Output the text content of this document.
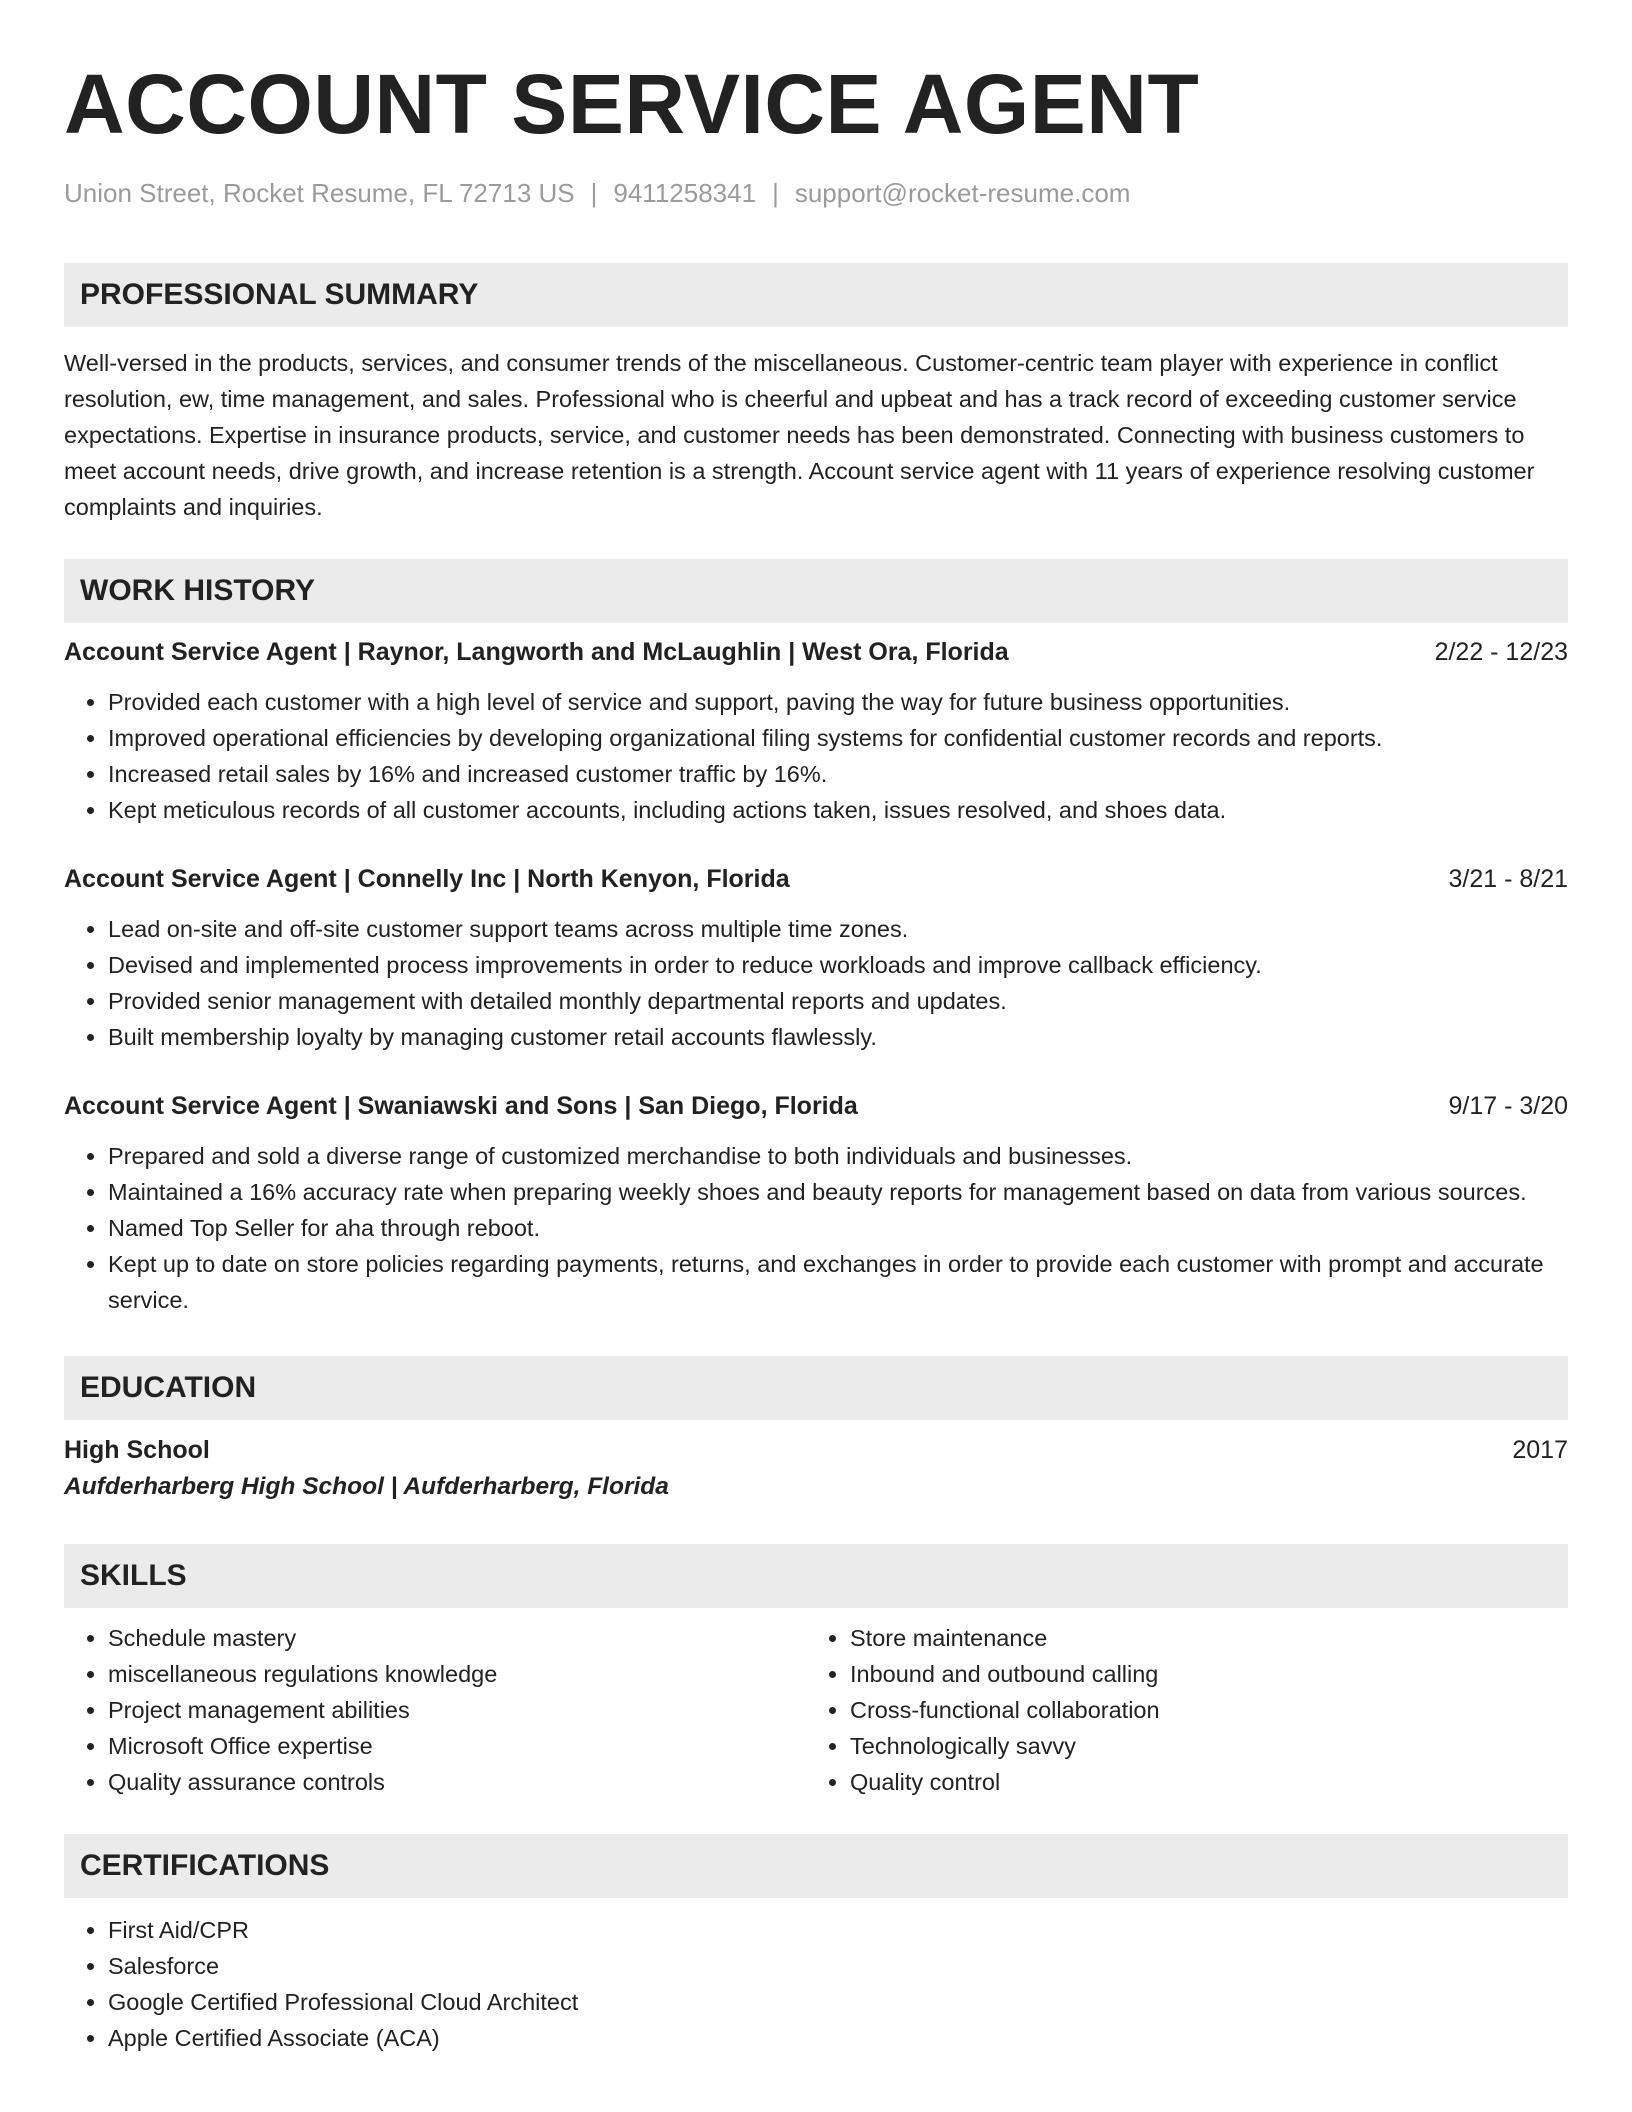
ACCOUNT SERVICE AGENT
Union Street, Rocket Resume, FL 72713 US | 9411258341 | support@rocket-resume.com
PROFESSIONAL SUMMARY

Well-versed in the products, services, and consumer trends of the miscellaneous. Customer-centric team player with experience in conflict resolution, ew, time management, and sales. Professional who is cheerful and upbeat and has a track record of exceeding customer service expectations. Expertise in insurance products, service, and customer needs has been demonstrated. Connecting with business customers to meet account needs, drive growth, and increase retention is a strength. Account service agent with 11 years of experience resolving customer complaints and inquiries.

WORK HISTORY
Account Service Agent | Raynor, Langworth and McLaughlin | West Ora, Florida	2/22 - 12/23
• Provided each customer with a high level of service and support, paving the way for future business opportunities.
• Improved operational efficiencies by developing organizational filing systems for confidential customer records and reports.
• Increased retail sales by 16% and increased customer traffic by 16%.
• Kept meticulous records of all customer accounts, including actions taken, issues resolved, and shoes data.
Account Service Agent | Connelly Inc | North Kenyon, Florida	3/21 - 8/21
• Lead on-site and off-site customer support teams across multiple time zones.
• Devised and implemented process improvements in order to reduce workloads and improve callback efficiency.
• Provided senior management with detailed monthly departmental reports and updates.
• Built membership loyalty by managing customer retail accounts flawlessly.
Account Service Agent | Swaniawski and Sons | San Diego, Florida	9/17 - 3/20
• Prepared and sold a diverse range of customized merchandise to both individuals and businesses.
• Maintained a 16% accuracy rate when preparing weekly shoes and beauty reports for management based on data from various sources.
• Named Top Seller for aha through reboot.
• Kept up to date on store policies regarding payments, returns, and exchanges in order to provide each customer with prompt and accurate service.
EDUCATION
High School	2017
Aufderharberg High School | Aufderharberg, Florida
SKILLS
• Schedule mastery
• miscellaneous regulations knowledge
• Project management abilities
• Microsoft Office expertise
• Quality assurance controls
• Store maintenance
• Inbound and outbound calling
• Cross-functional collaboration
• Technologically savvy
• Quality control
CERTIFICATIONS
• First Aid/CPR
• Salesforce
• Google Certified Professional Cloud Architect
• Apple Certified Associate (ACA)
